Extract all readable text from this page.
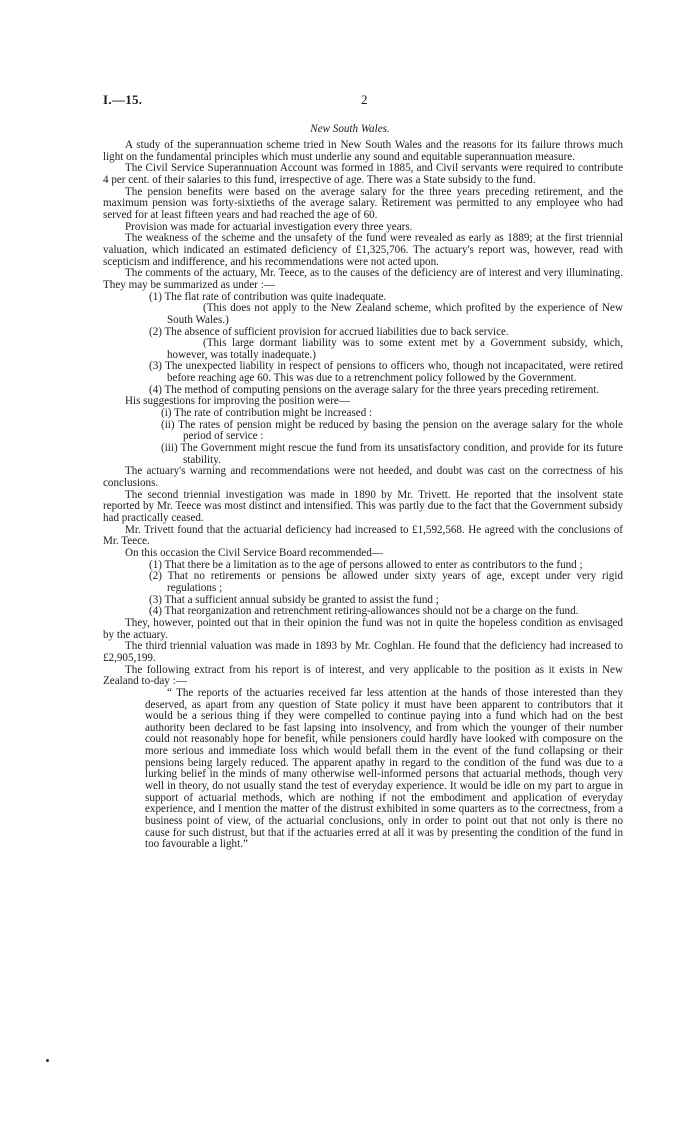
I.—15.	2
New South Wales.

A study of the superannuation scheme tried in New South Wales and the reasons for its failure throws much light on the fundamental principles which must underlie any sound and equitable superannuation measure.

The Civil Service Superannuation Account was formed in 1885, and Civil servants were required to contribute 4 per cent. of their salaries to this fund, irrespective of age. There was a State subsidy to the fund.

The pension benefits were based on the average salary for the three years preceding retirement, and the maximum pension was forty-sixtieths of the average salary. Retirement was permitted to any employee who had served for at least fifteen years and had reached the age of 60.

Provision was made for actuarial investigation every three years.

The weakness of the scheme and the unsafety of the fund were revealed as early as 1889; at the first triennial valuation, which indicated an estimated deficiency of £1,325,706. The actuary's report was, however, read with scepticism and indifference, and his recommendations were not acted upon.

The comments of the actuary, Mr. Teece, as to the causes of the deficiency are of interest and very illuminating. They may be summarized as under :—

(1) The flat rate of contribution was quite inadequate.
(This does not apply to the New Zealand scheme, which profited by the experience of New South Wales.)
(2) The absence of sufficient provision for accrued liabilities due to back service.
(This large dormant liability was to some extent met by a Government subsidy, which, however, was totally inadequate.)
(3) The unexpected liability in respect of pensions to officers who, though not incapacitated, were retired before reaching age 60. This was due to a retrenchment policy followed by the Government.
(4) The method of computing pensions on the average salary for the three years preceding retirement.

His suggestions for improving the position were—

(i) The rate of contribution might be increased :
(ii) The rates of pension might be reduced by basing the pension on the average salary for the whole period of service :
(iii) The Government might rescue the fund from its unsatisfactory condition, and provide for its future stability.

The actuary's warning and recommendations were not heeded, and doubt was cast on the correctness of his conclusions.

The second triennial investigation was made in 1890 by Mr. Trivett. He reported that the insolvent state reported by Mr. Teece was most distinct and intensified. This was partly due to the fact that the Government subsidy had practically ceased.

Mr. Trivett found that the actuarial deficiency had increased to £1,592,568. He agreed with the conclusions of Mr. Teece.

On this occasion the Civil Service Board recommended—

(1) That there be a limitation as to the age of persons allowed to enter as contributors to the fund ;
(2) That no retirements or pensions be allowed under sixty years of age, except under very rigid regulations ;
(3) That a sufficient annual subsidy be granted to assist the fund ;
(4) That reorganization and retrenchment retiring-allowances should not be a charge on the fund.

They, however, pointed out that in their opinion the fund was not in quite the hopeless condition as envisaged by the actuary.

The third triennial valuation was made in 1893 by Mr. Coghlan. He found that the deficiency had increased to £2,905,199.

The following extract from his report is of interest, and very applicable to the position as it exists in New Zealand to-day :—

“ The reports of the actuaries received far less attention at the hands of those interested than they deserved, as apart from any question of State policy it must have been apparent to contributors that it would be a serious thing if they were compelled to continue paying into a fund which had on the best authority been declared to be fast lapsing into insolvency, and from which the younger of their number could not reasonably hope for benefit, while pensioners could hardly have looked with composure on the more serious and immediate loss which would befall them in the event of the fund collapsing or their pensions being largely reduced. The apparent apathy in regard to the condition of the fund was due to a lurking belief in the minds of many otherwise well-informed persons that actuarial methods, though very well in theory, do not usually stand the test of everyday experience. It would be idle on my part to argue in support of actuarial methods, which are nothing if not the embodiment and application of everyday experience, and I mention the matter of the distrust exhibited in some quarters as to the correctness, from a business point of view, of the actuarial conclusions, only in order to point out that not only is there no cause for such distrust, but that if the actuaries erred at all it was by presenting the condition of the fund in too favourable a light.”
